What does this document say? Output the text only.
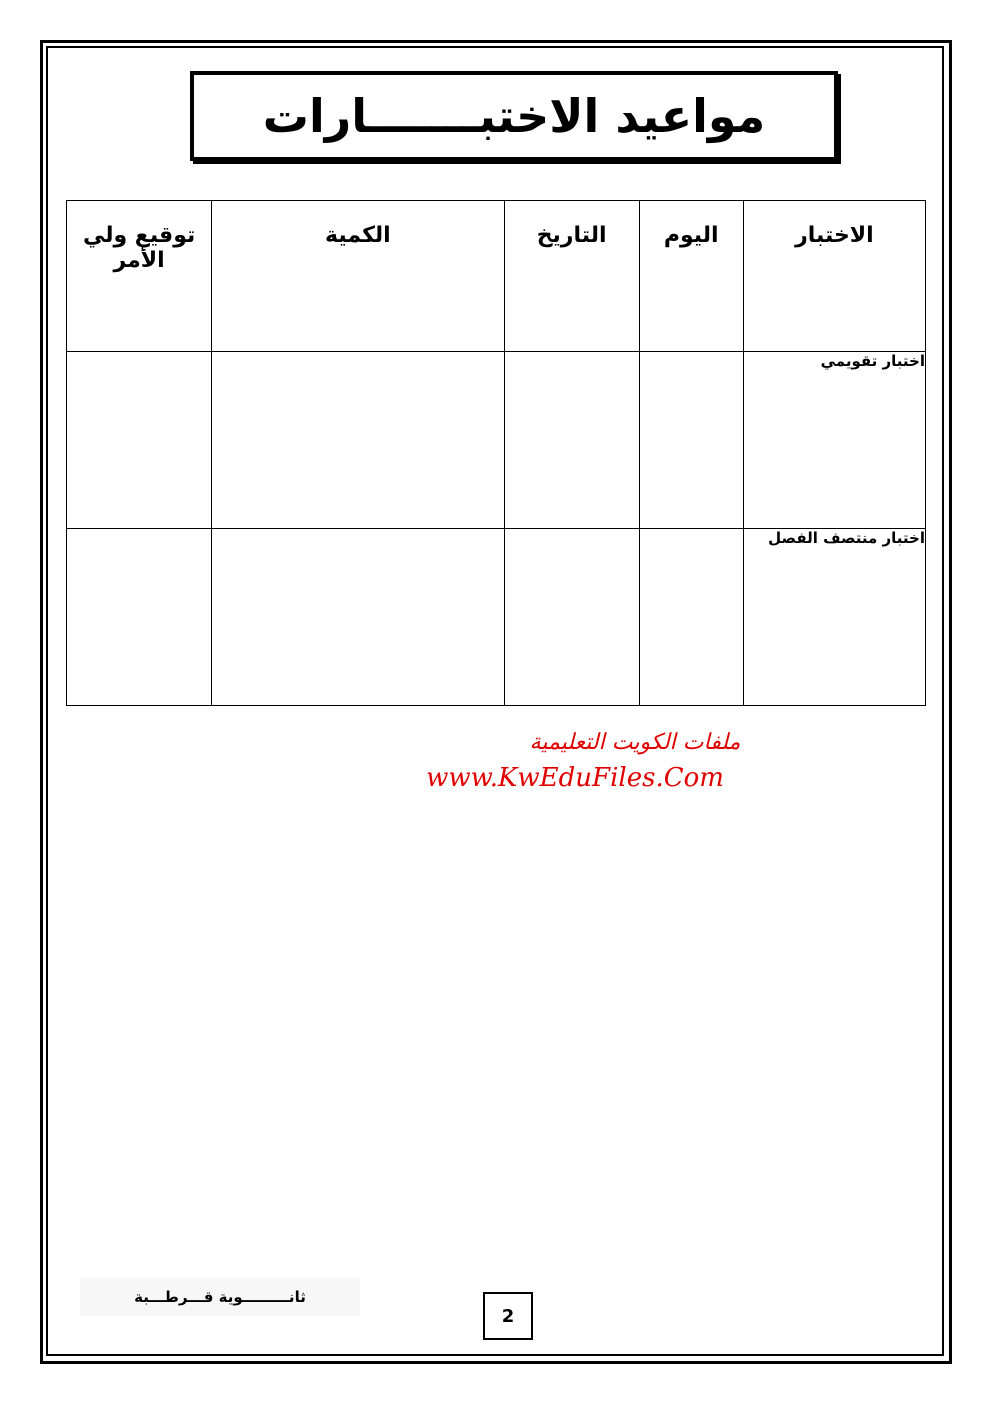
مواعيد الاختبـــــــارات
الاختبار	اليوم	التاريخ	الكمية	توقيع ولي الأمر
اختبار تقويمي				
اختبار منتصف الفصل				
ملفات الكويت التعليمية
www.KwEduFiles.Com
ثانـــــــــوية قـــرطـــبة
2
